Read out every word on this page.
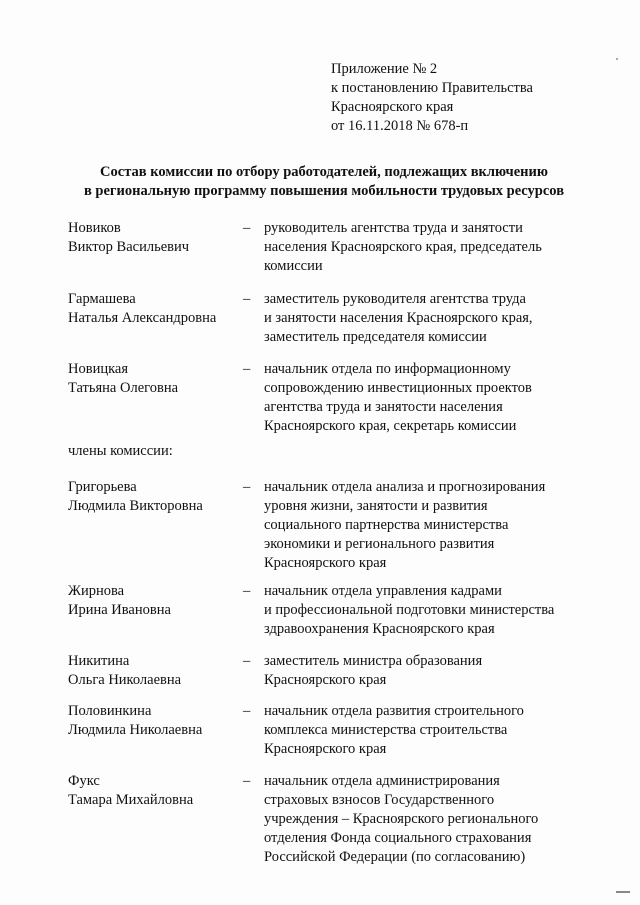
Приложение № 2
к постановлению Правительства
Красноярского края
от 16.11.2018 № 678-п
Состав комиссии по отбору работодателей, подлежащих включению
в региональную программу повышения мобильности трудовых ресурсов
Новиков
Виктор Васильевич
– руководитель агентства труда и занятости
населения Красноярского края, председатель
комиссии
Гармашева
Наталья Александровна
– заместитель руководителя агентства труда
и занятости населения Красноярского края,
заместитель председателя комиссии
Новицкая
Татьяна Олеговна
– начальник отдела по информационному
сопровождению инвестиционных проектов
агентства труда и занятости населения
Красноярского края, секретарь комиссии
члены комиссии:
Григорьева
Людмила Викторовна
– начальник отдела анализа и прогнозирования
уровня жизни, занятости и развития
социального партнерства министерства
экономики и регионального развития
Красноярского края
Жирнова
Ирина Ивановна
– начальник отдела управления кадрами
и профессиональной подготовки министерства
здравоохранения Красноярского края
Никитина
Ольга Николаевна
– заместитель министра образования
Красноярского края
Половинкина
Людмила Николаевна
– начальник отдела развития строительного
комплекса министерства строительства
Красноярского края
Фукс
Тамара Михайловна
– начальник отдела администрирования
страховых взносов Государственного
учреждения – Красноярского регионального
отделения Фонда социального страхования
Российской Федерации (по согласованию)
